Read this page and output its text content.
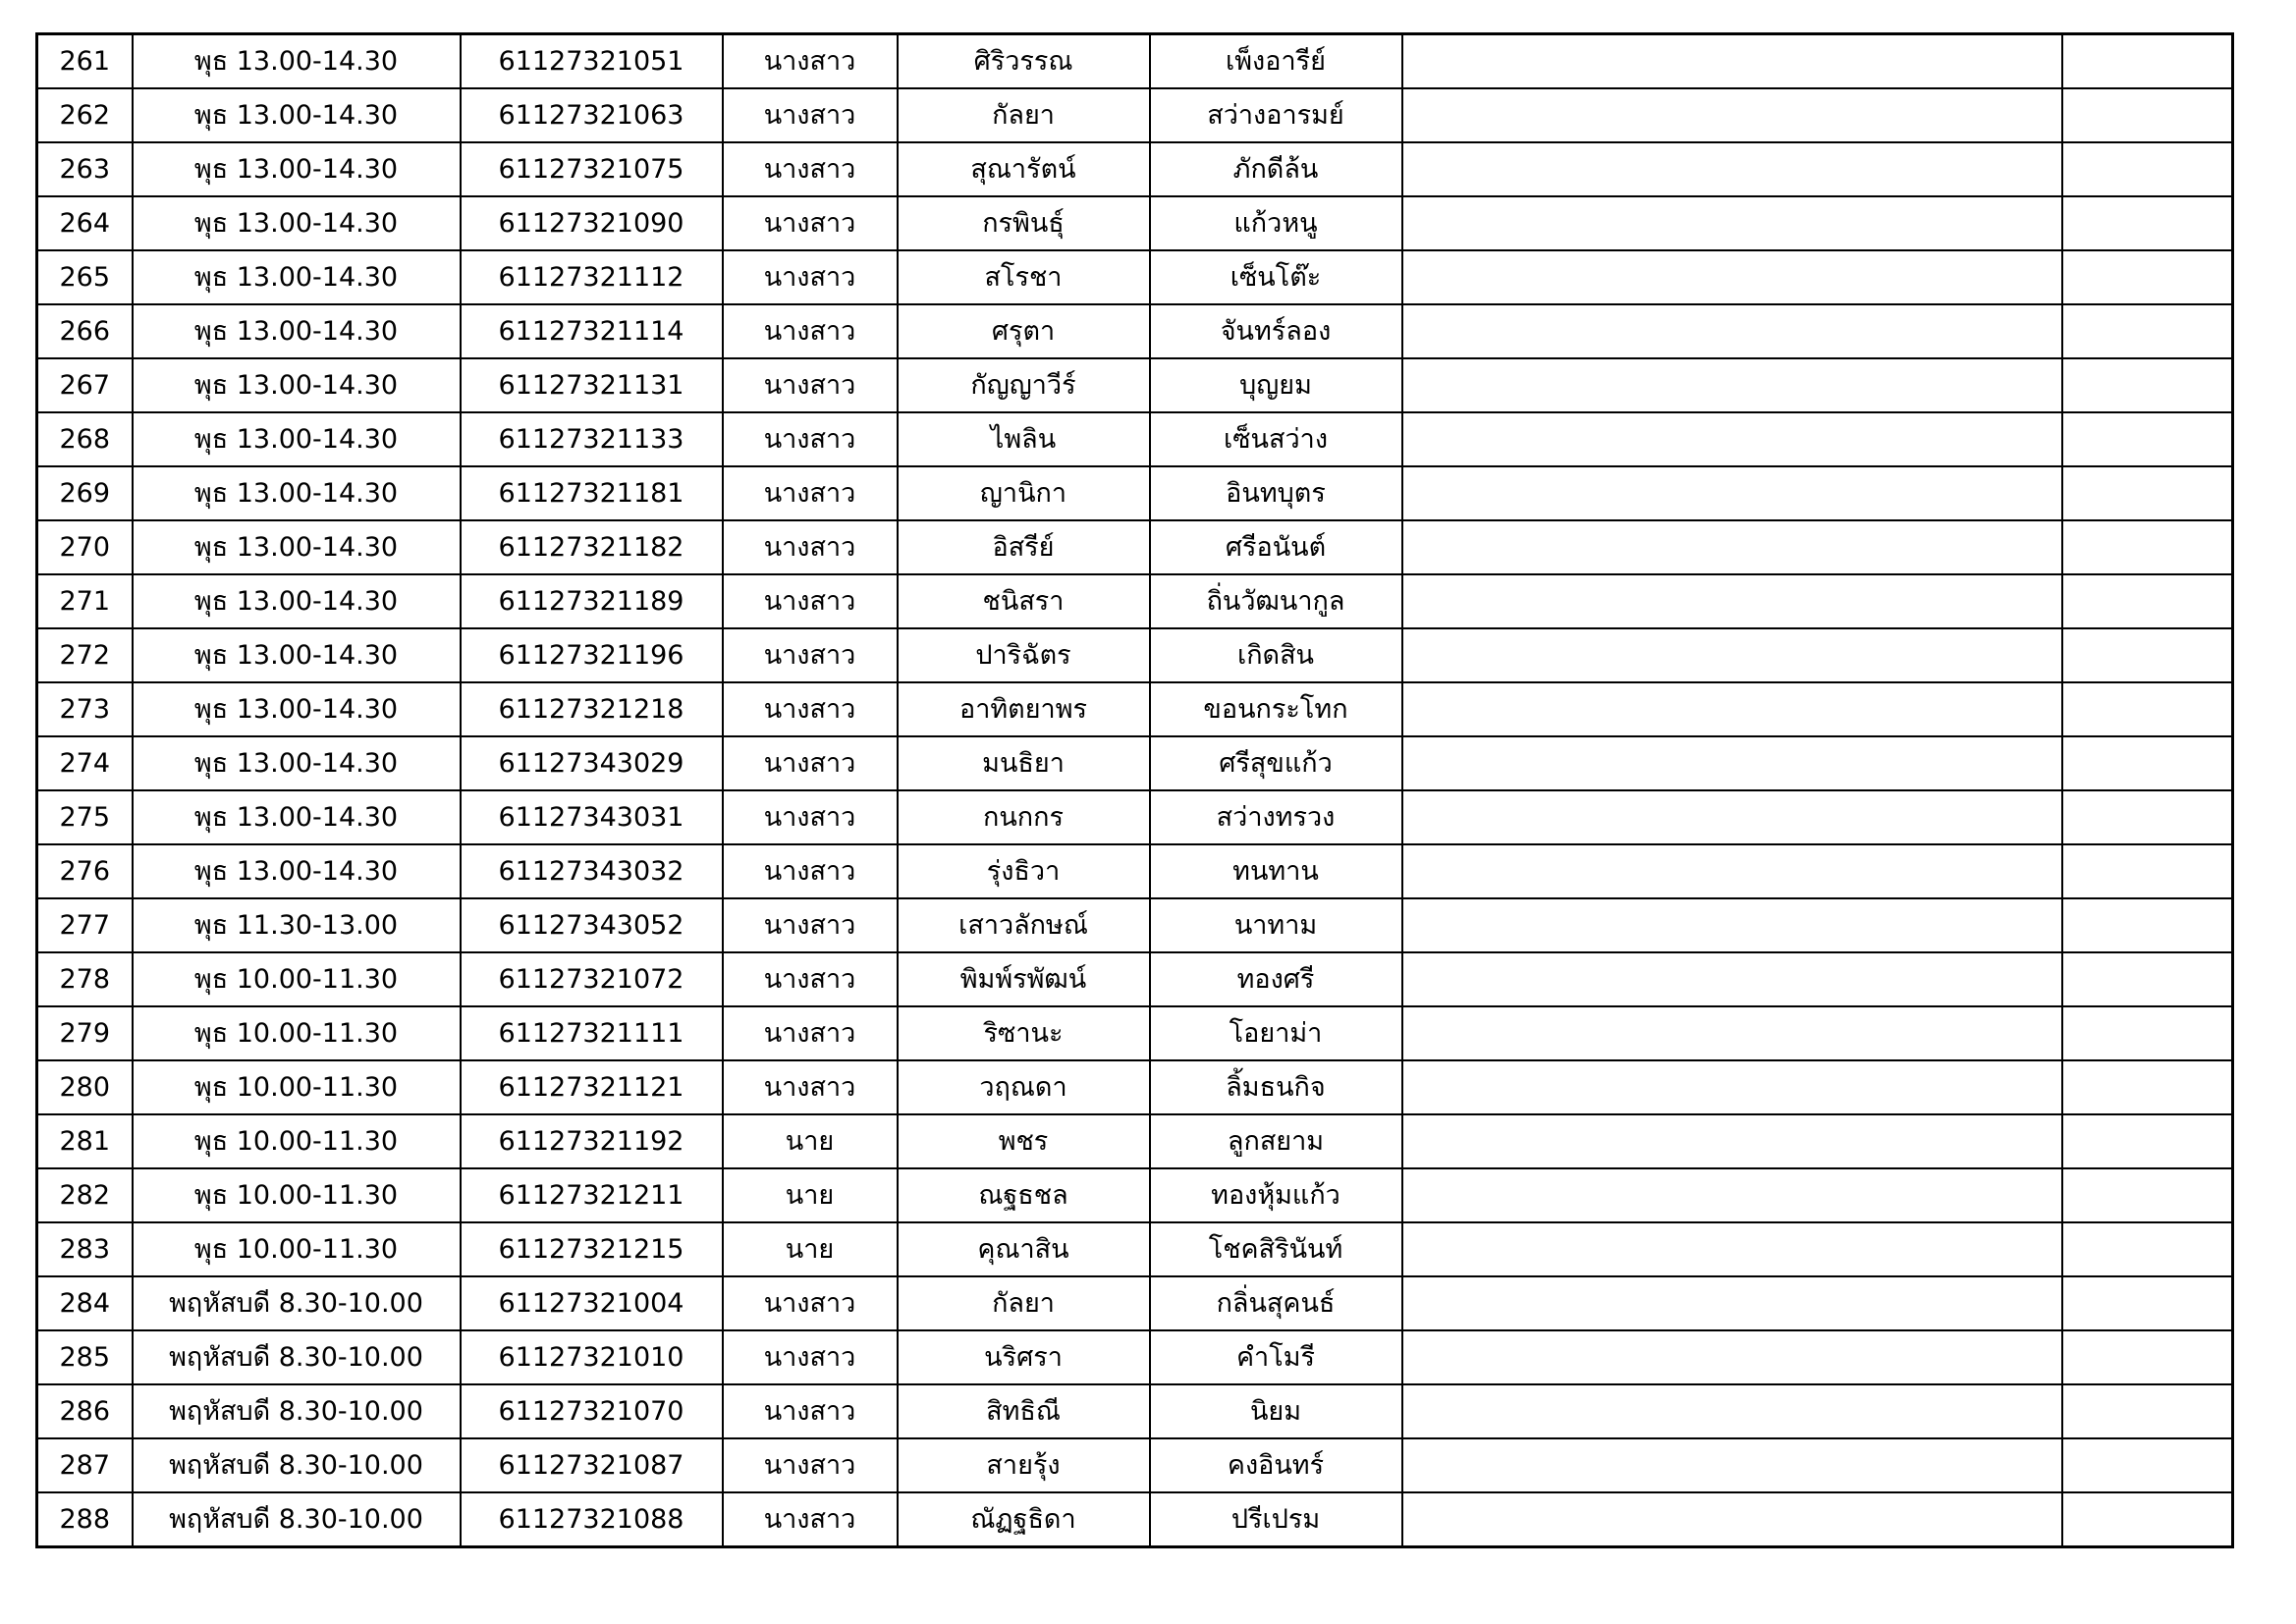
261	พุธ 13.00-14.30	61127321051	นางสาว	ศิริวรรณ	เพ็งอารีย์		
262	พุธ 13.00-14.30	61127321063	นางสาว	กัลยา	สว่างอารมย์		
263	พุธ 13.00-14.30	61127321075	นางสาว	สุณารัตน์	ภักดีล้น		
264	พุธ 13.00-14.30	61127321090	นางสาว	กรพินธุ์	แก้วหนู		
265	พุธ 13.00-14.30	61127321112	นางสาว	สโรชา	เซ็นโต๊ะ		
266	พุธ 13.00-14.30	61127321114	นางสาว	ศรุตา	จันทร์ลอง		
267	พุธ 13.00-14.30	61127321131	นางสาว	กัญญาวีร์	บุญยม		
268	พุธ 13.00-14.30	61127321133	นางสาว	ไพลิน	เซ็นสว่าง		
269	พุธ 13.00-14.30	61127321181	นางสาว	ญานิกา	อินทบุตร		
270	พุธ 13.00-14.30	61127321182	นางสาว	อิสรีย์	ศรีอนันต์		
271	พุธ 13.00-14.30	61127321189	นางสาว	ชนิสรา	ถิ่นวัฒนากูล		
272	พุธ 13.00-14.30	61127321196	นางสาว	ปาริฉัตร	เกิดสิน		
273	พุธ 13.00-14.30	61127321218	นางสาว	อาทิตยาพร	ขอนกระโทก		
274	พุธ 13.00-14.30	61127343029	นางสาว	มนธิยา	ศรีสุขแก้ว		
275	พุธ 13.00-14.30	61127343031	นางสาว	กนกกร	สว่างทรวง		
276	พุธ 13.00-14.30	61127343032	นางสาว	รุ่งธิวา	ทนทาน		
277	พุธ 11.30-13.00	61127343052	นางสาว	เสาวลักษณ์	นาทาม		
278	พุธ 10.00-11.30	61127321072	นางสาว	พิมพ์รพัฒน์	ทองศรี		
279	พุธ 10.00-11.30	61127321111	นางสาว	ริซานะ	โอยาม่า		
280	พุธ 10.00-11.30	61127321121	นางสาว	วฤณดา	ลิ้มธนกิจ		
281	พุธ 10.00-11.30	61127321192	นาย	พชร	ลูกสยาม		
282	พุธ 10.00-11.30	61127321211	นาย	ณฐธชล	ทองหุ้มแก้ว		
283	พุธ 10.00-11.30	61127321215	นาย	คุณาสิน	โชคสิรินันท์		
284	พฤหัสบดี 8.30-10.00	61127321004	นางสาว	กัลยา	กลิ่นสุคนธ์		
285	พฤหัสบดี 8.30-10.00	61127321010	นางสาว	นริศรา	คำโมรี		
286	พฤหัสบดี 8.30-10.00	61127321070	นางสาว	สิทธิณี	นิยม		
287	พฤหัสบดี 8.30-10.00	61127321087	นางสาว	สายรุ้ง	คงอินทร์		
288	พฤหัสบดี 8.30-10.00	61127321088	นางสาว	ณัฏฐธิดา	ปรีเปรม		
